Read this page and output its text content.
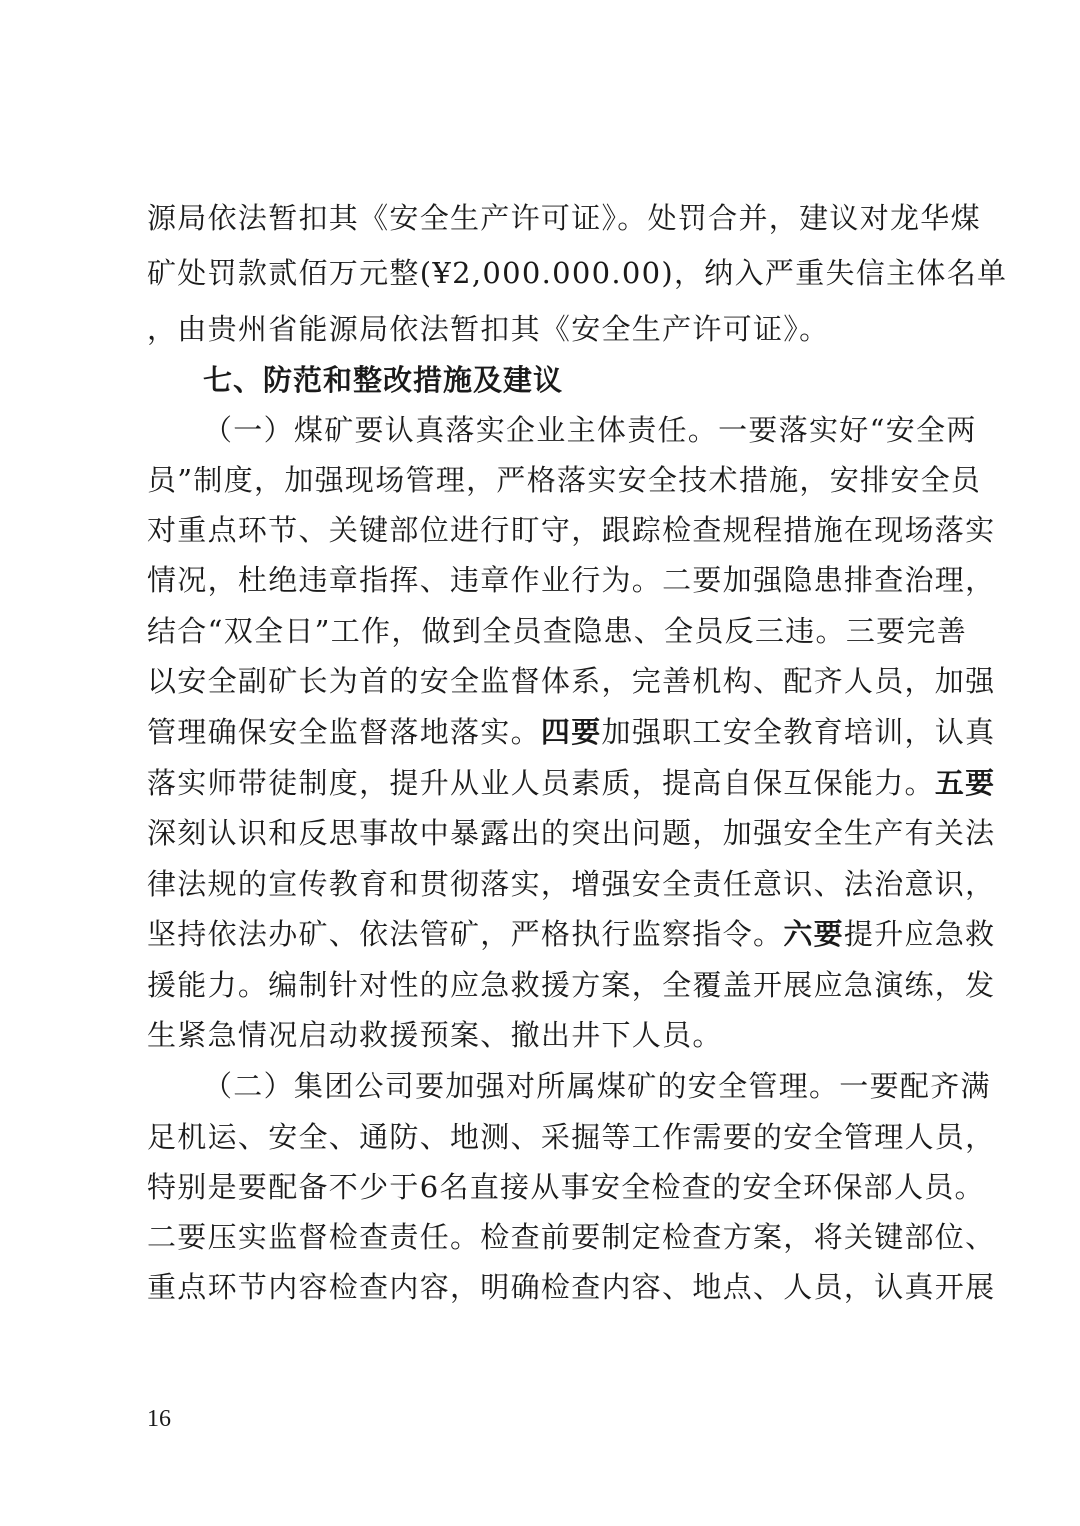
源局依法暂扣其《安全生产许可证》。处罚合并，建议对龙华煤
矿处罚款贰佰万元整(¥2,000.000.00)，纳入严重失信主体名单
，由贵州省能源局依法暂扣其《安全生产许可证》。
七、防范和整改措施及建议
（一）煤矿要认真落实企业主体责任。一要落实好“安全两
员”制度，加强现场管理，严格落实安全技术措施，安排安全员
对重点环节、关键部位进行盯守，跟踪检查规程措施在现场落实
情况，杜绝违章指挥、违章作业行为。二要加强隐患排查治理，
结合“双全日”工作，做到全员查隐患、全员反三违。三要完善
以安全副矿长为首的安全监督体系，完善机构、配齐人员，加强
管理确保安全监督落地落实。四要加强职工安全教育培训，认真
落实师带徒制度，提升从业人员素质，提高自保互保能力。五要
深刻认识和反思事故中暴露出的突出问题，加强安全生产有关法
律法规的宣传教育和贯彻落实，增强安全责任意识、法治意识，
坚持依法办矿、依法管矿，严格执行监察指令。六要提升应急救
援能力。编制针对性的应急救援方案，全覆盖开展应急演练，发
生紧急情况启动救援预案、撤出井下人员。
（二）集团公司要加强对所属煤矿的安全管理。一要配齐满
足机运、安全、通防、地测、采掘等工作需要的安全管理人员，
特别是要配备不少于6名直接从事安全检查的安全环保部人员。
二要压实监督检查责任。检查前要制定检查方案，将关键部位、
重点环节内容检查内容，明确检查内容、地点、人员，认真开展
16
